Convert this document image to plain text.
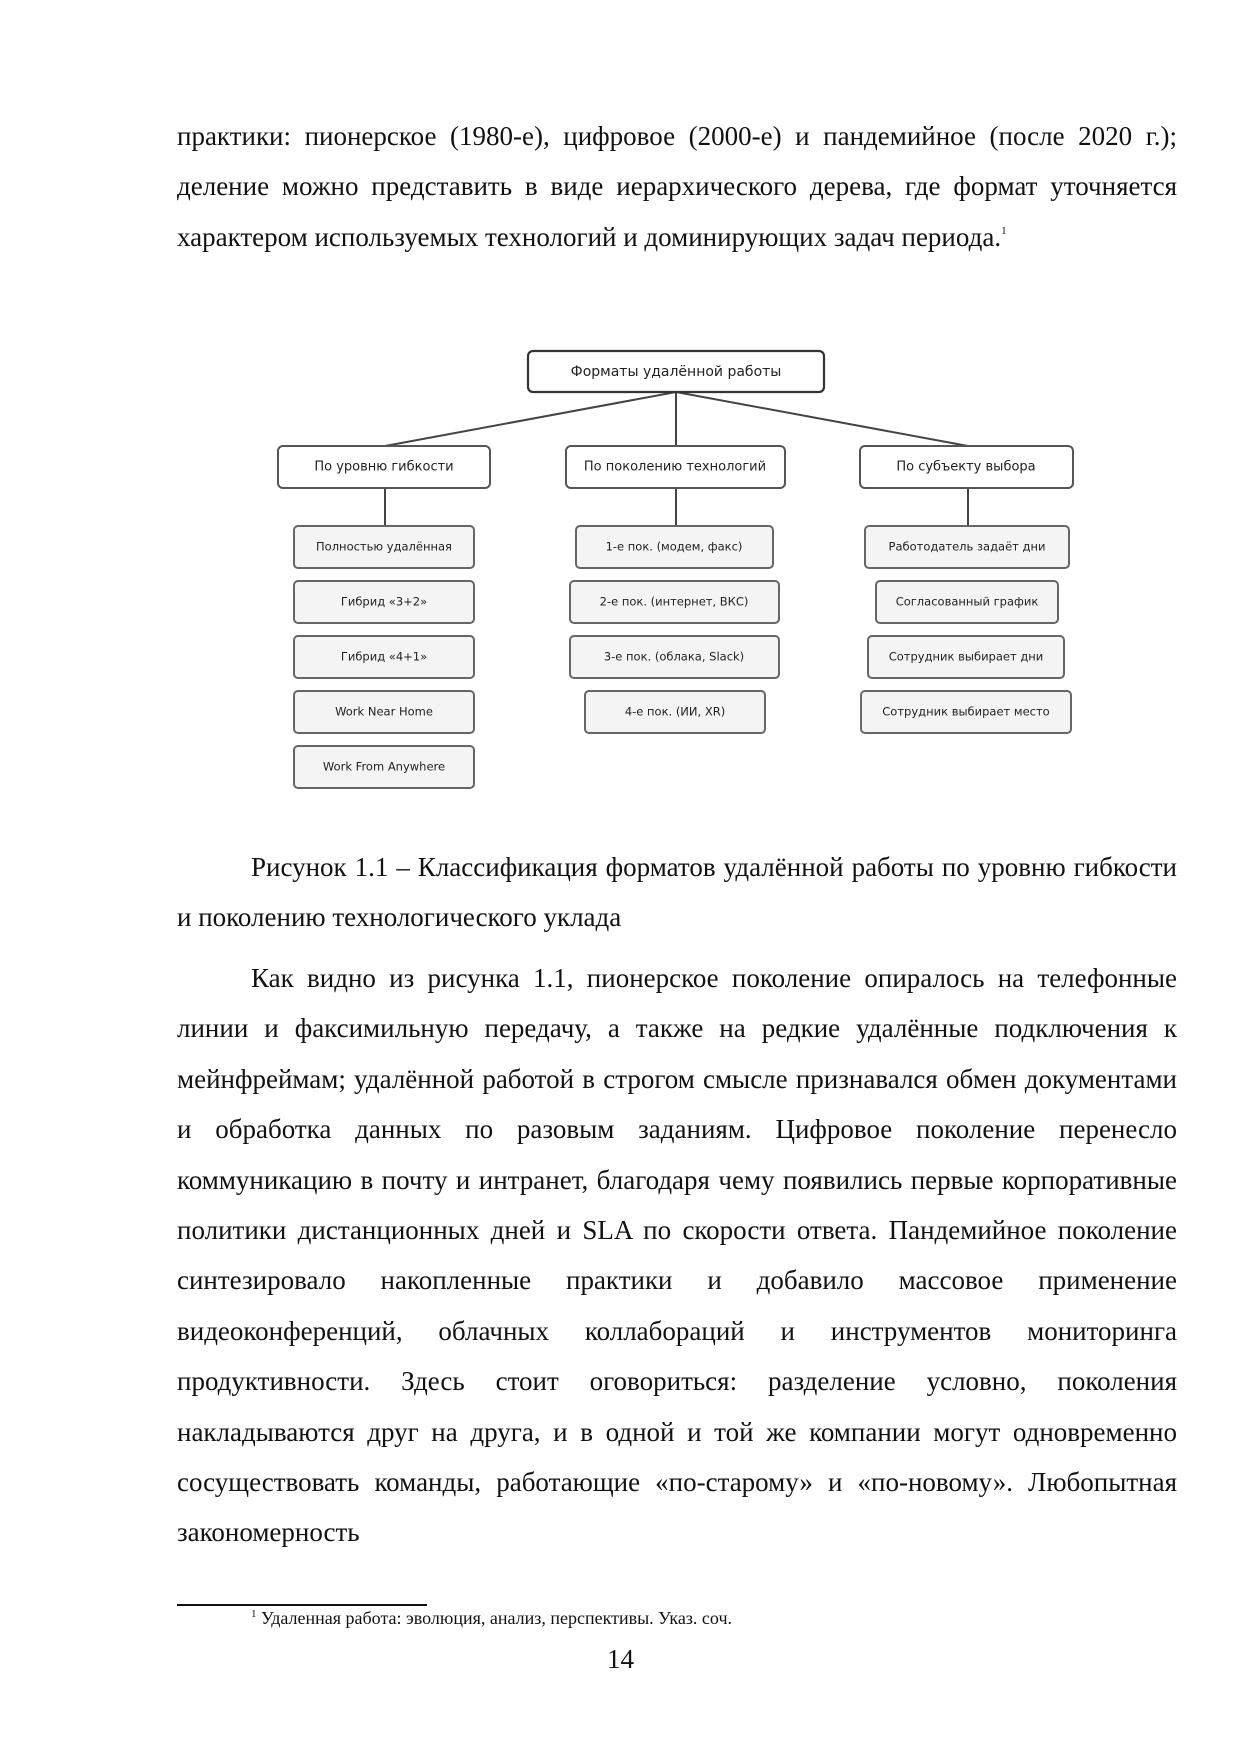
практики: пионерское (1980-е), цифровое (2000-е) и пандемийное (после 2020 г.); деление можно представить в виде иерархического дерева, где формат уточняется характером используемых технологий и доминирующих задач периода.$^1$

Форматы удалённой работы
По уровню гибкости
Полностью удалённая
Гибрид «3+2»
Гибрид «4+1»
Work Near Home
Work From Anywhere
По поколению технологий
1-е пок. (модем, факс)
2-е пок. (интернет, ВКС)
3-е пок. (облака, Slack)
4-е пок. (ИИ, XR)
По субъекту выбора
Работодатель задаёт дни
Согласованный график
Сотрудник выбирает дни
Сотрудник выбирает место

Рисунок 1.1 – Классификация форматов удалённой работы по уровню гибкости и поколению технологического уклада

Как видно из рисунка 1.1, пионерское поколение опиралось на телефонные линии и факсимильную передачу, а также на редкие удалённые подключения к мейнфреймам; удалённой работой в строгом смысле признавался обмен документами и обработка данных по разовым заданиям. Цифровое поколение перенесло коммуникацию в почту и интранет, благодаря чему появились первые корпоративные политики дистанционных дней и SLA по скорости ответа. Пандемийное поколение синтезировало накопленные практики и добавило массовое применение видеоконференций, облачных коллабораций и инструментов мониторинга продуктивности. Здесь стоит оговориться: разделение условно, поколения накладываются друг на друга, и в одной и той же компании могут одновременно сосуществовать команды, работающие «по-старому» и «по-новому». Любопытная закономерность

$^1$ Удаленная работа: эволюция, анализ, перспективы. Указ. соч.
14
